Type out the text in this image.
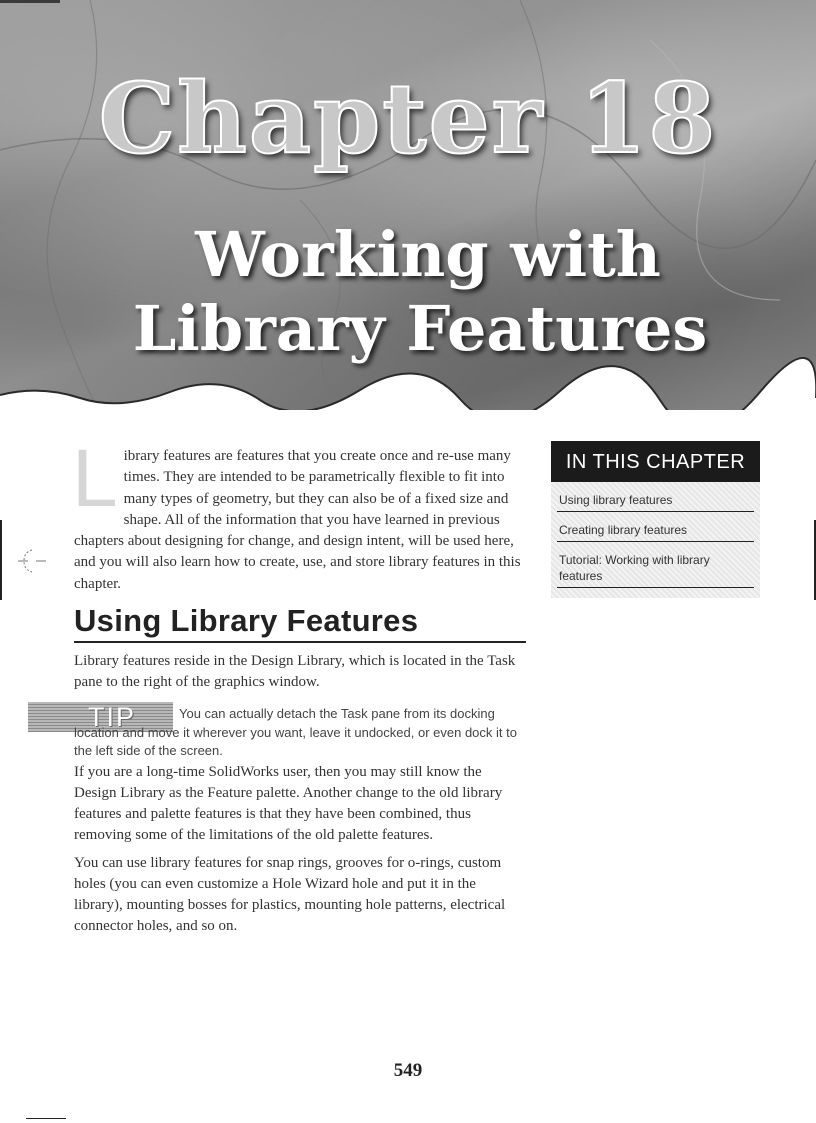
Chapter 18
Working with
Library Features
L ibrary features are features that you create once and re-use many times. They are intended to be parametrically flexible to fit into many types of geometry, but they can also be of a fixed size and shape. All of the information that you have learned in previous chapters about designing for change, and design intent, will be used here, and you will also learn how to create, use, and store library features in this chapter.
IN THIS CHAPTER
Using library features
Creating library features
Tutorial: Working with library features
Using Library Features

Library features reside in the Design Library, which is located in the Task pane to the right of the graphics window.

TIP	You can actually detach the Task pane from its docking location and move it wherever you want, leave it undocked, or even dock it to the left side of the screen.

If you are a long-time SolidWorks user, then you may still know the Design Library as the Feature palette. Another change to the old library features and palette features is that they have been combined, thus removing some of the limitations of the old palette features.

You can use library features for snap rings, grooves for o-rings, custom holes (you can even customize a Hole Wizard hole and put it in the library), mounting bosses for plastics, mounting hole patterns, electrical connector holes, and so on.

549
